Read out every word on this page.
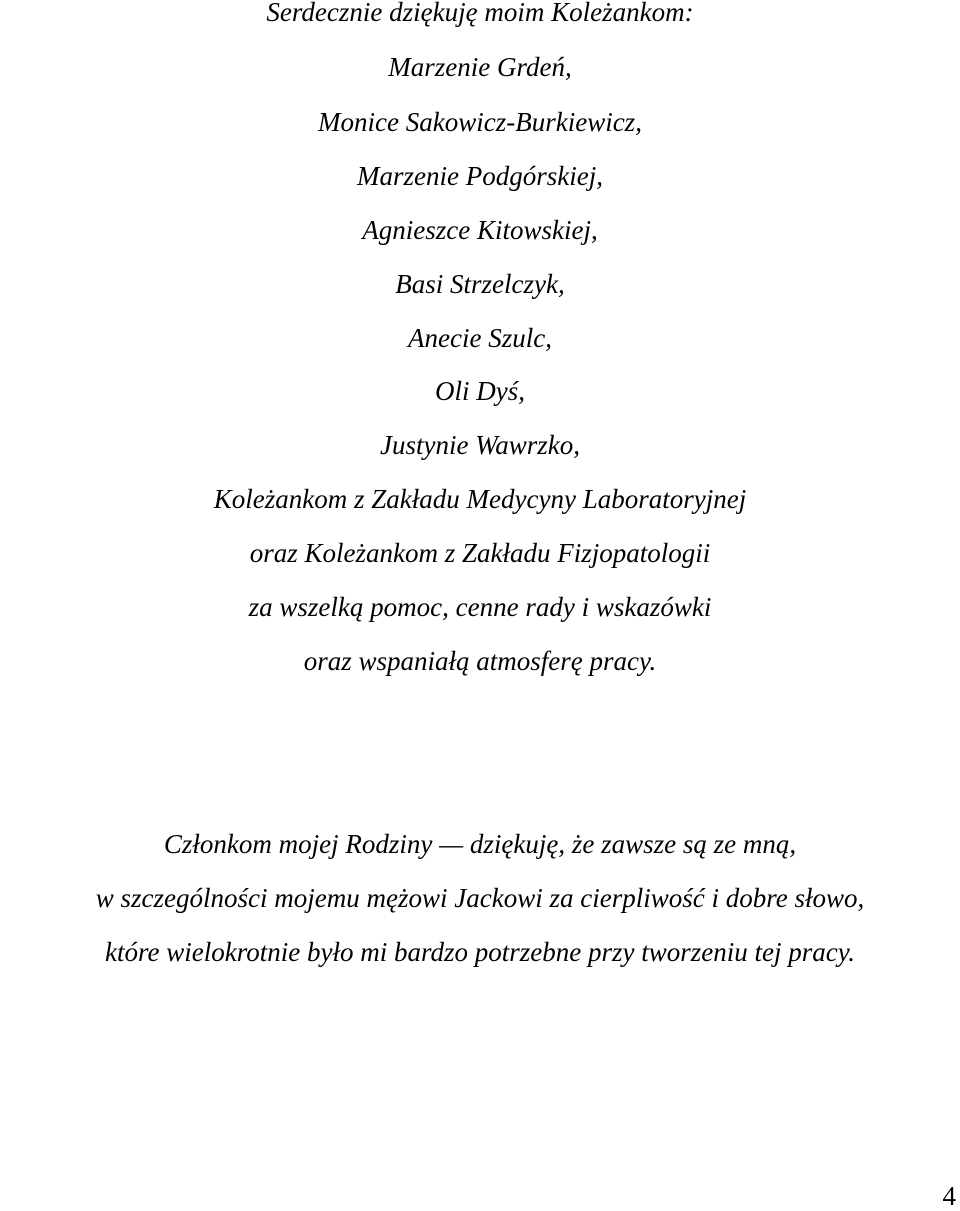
Serdecznie dziękuję moim Koleżankom:
Marzenie Grdeń,
Monice Sakowicz-Burkiewicz,
Marzenie Podgórskiej,
Agnieszce Kitowskiej,
Basi Strzelczyk,
Anecie Szulc,
Oli Dyś,
Justynie Wawrzko,
Koleżankom z Zakładu Medycyny Laboratoryjnej
oraz Koleżankom z Zakładu Fizjopatologii
za wszelką pomoc, cenne rady i wskazówki
oraz wspaniałą atmosferę pracy.
Członkom mojej Rodziny — dziękuję, że zawsze są ze mną,
w szczególności mojemu mężowi Jackowi za cierpliwość i dobre słowo,
które wielokrotnie było mi bardzo potrzebne przy tworzeniu tej pracy.
4
